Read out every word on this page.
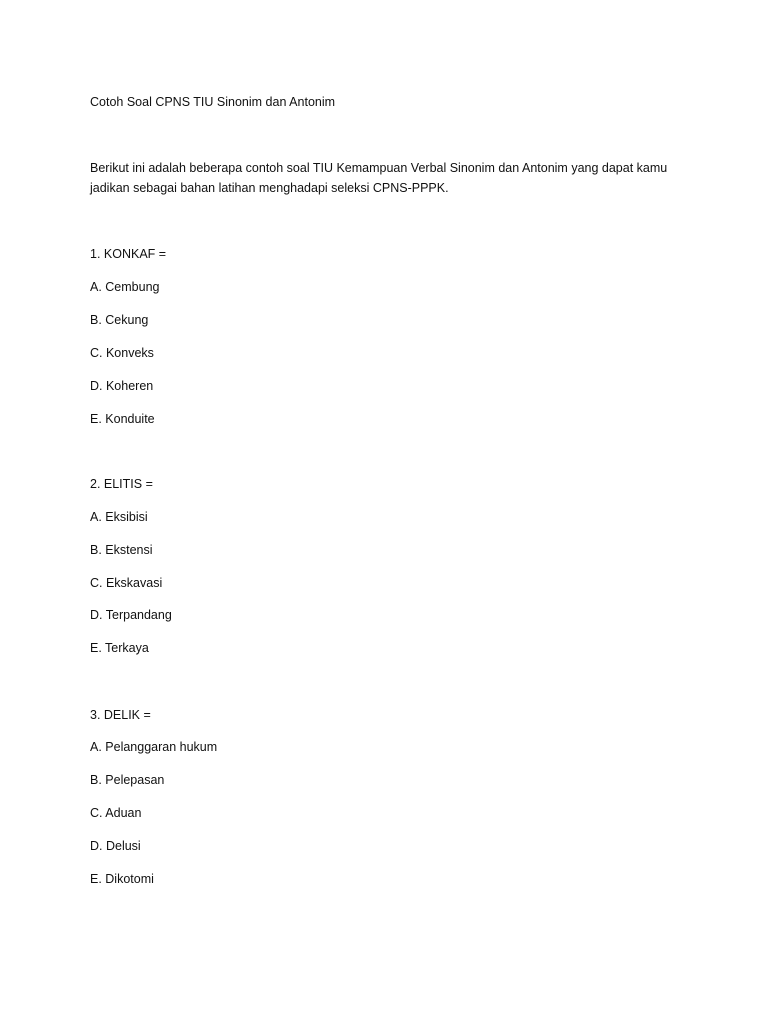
Cotoh Soal CPNS TIU Sinonim dan Antonim
Berikut ini adalah beberapa contoh soal TIU Kemampuan Verbal Sinonim dan Antonim yang dapat kamu
jadikan sebagai bahan latihan menghadapi seleksi CPNS-PPPK.
1. KONKAF =
A. Cembung
B. Cekung
C. Konveks
D. Koheren
E. Konduite
2. ELITIS =
A. Eksibisi
B. Ekstensi
C. Ekskavasi
D. Terpandang
E. Terkaya
3. DELIK =
A. Pelanggaran hukum
B. Pelepasan
C. Aduan
D. Delusi
E. Dikotomi
